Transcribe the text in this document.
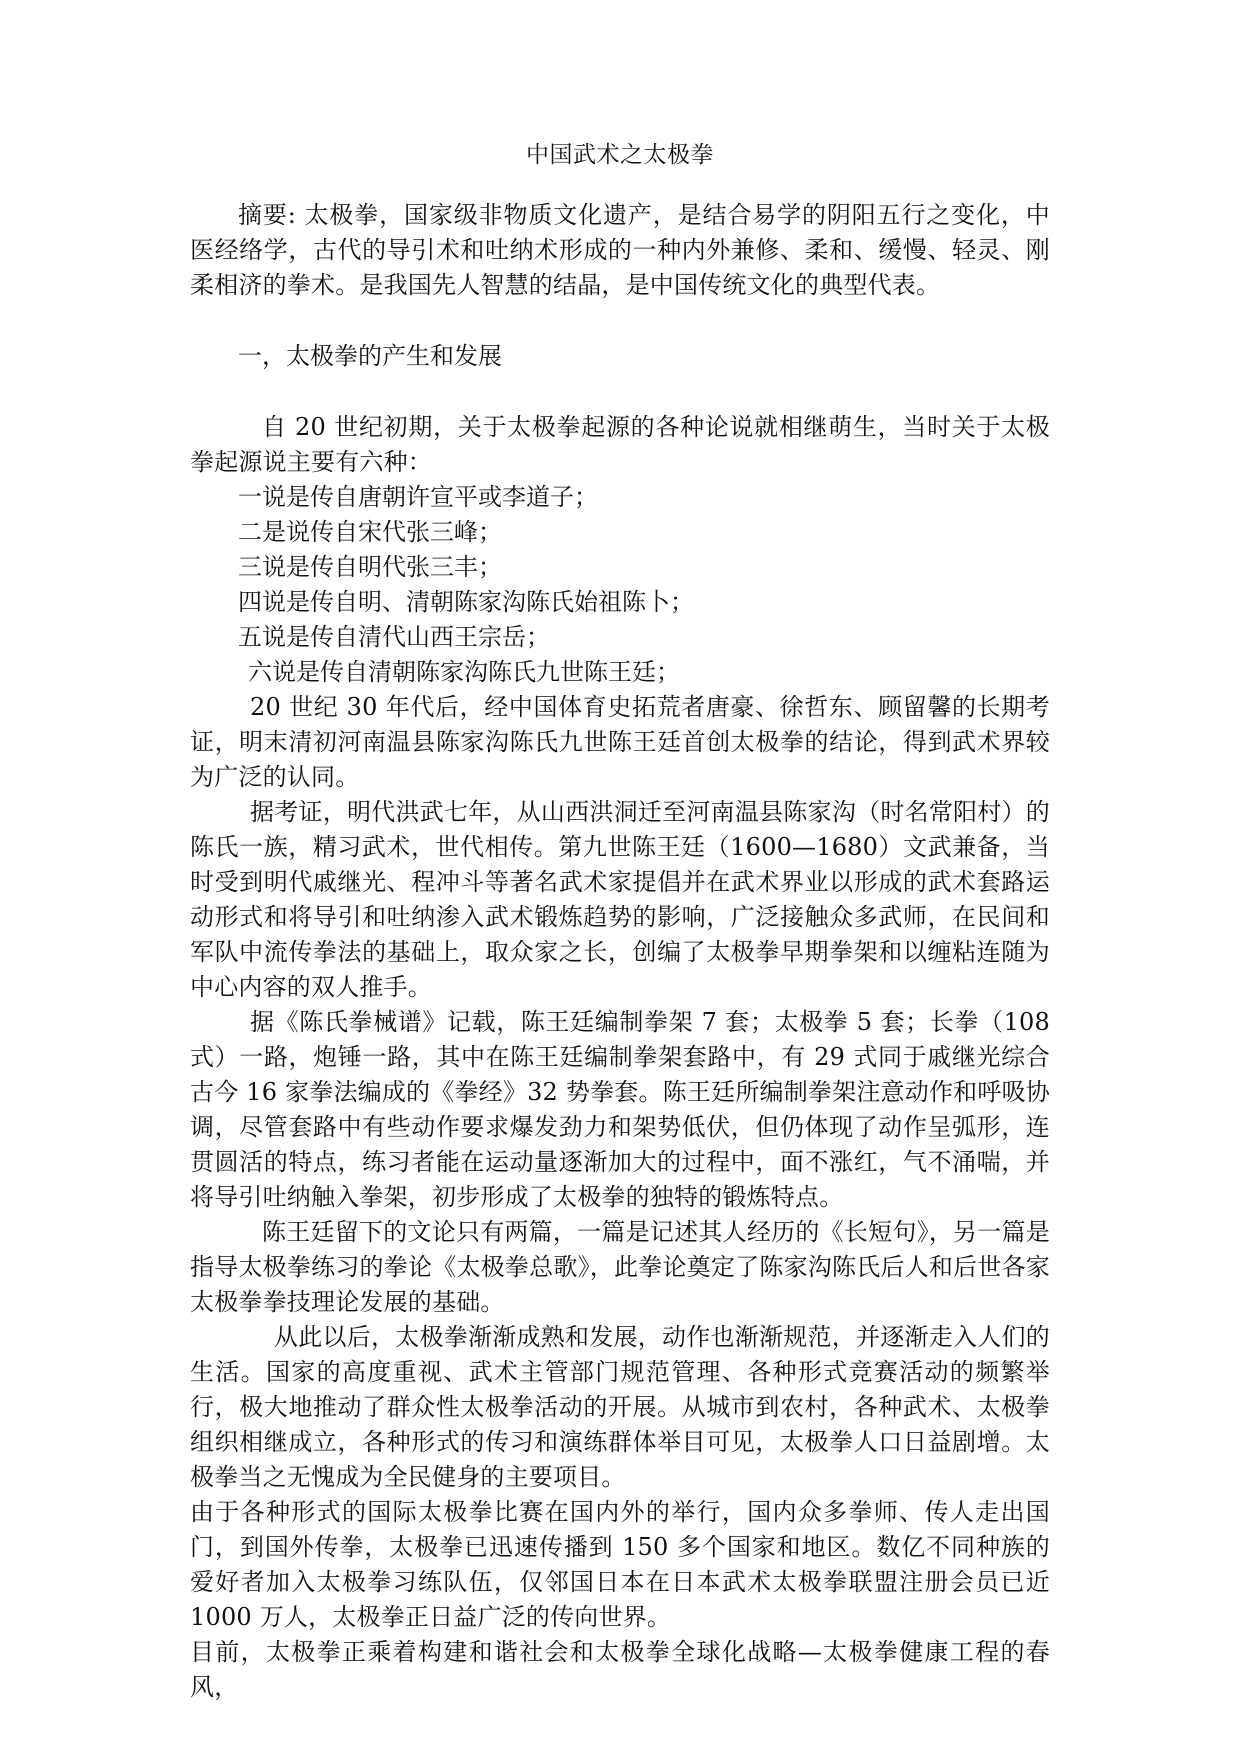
中国武术之太极拳

摘要: 太极拳，国家级非物质文化遗产，是结合易学的阴阳五行之变化，中医经络学，古代的导引术和吐纳术形成的一种内外兼修、柔和、缓慢、轻灵、刚柔相济的拳术。是我国先人智慧的结晶，是中国传统文化的典型代表。

一，太极拳的产生和发展

自 20 世纪初期，关于太极拳起源的各种论说就相继萌生，当时关于太极拳起源说主要有六种：

一说是传自唐朝许宣平或李道子；

二是说传自宋代张三峰；

三说是传自明代张三丰；

四说是传自明、清朝陈家沟陈氏始祖陈卜；

五说是传自清代山西王宗岳；

六说是传自清朝陈家沟陈氏九世陈王廷；

20 世纪 30 年代后，经中国体育史拓荒者唐豪、徐哲东、顾留馨的长期考证，明末清初河南温县陈家沟陈氏九世陈王廷首创太极拳的结论，得到武术界较为广泛的认同。

据考证，明代洪武七年，从山西洪洞迁至河南温县陈家沟（时名常阳村）的陈氏一族，精习武术，世代相传。第九世陈王廷（1600—1680）文武兼备，当时受到明代戚继光、程冲斗等著名武术家提倡并在武术界业以形成的武术套路运动形式和将导引和吐纳渗入武术锻炼趋势的影响，广泛接触众多武师，在民间和军队中流传拳法的基础上，取众家之长，创编了太极拳早期拳架和以缠粘连随为中心内容的双人推手。

据《陈氏拳械谱》记载，陈王廷编制拳架 7 套；太极拳 5 套；长拳（108 式）一路，炮锤一路，其中在陈王廷编制拳架套路中，有 29 式同于戚继光综合古今 16 家拳法编成的《拳经》32 势拳套。陈王廷所编制拳架注意动作和呼吸协调，尽管套路中有些动作要求爆发劲力和架势低伏，但仍体现了动作呈弧形，连贯圆活的特点，练习者能在运动量逐渐加大的过程中，面不涨红，气不涌喘，并将导引吐纳触入拳架，初步形成了太极拳的独特的锻炼特点。

陈王廷留下的文论只有两篇，一篇是记述其人经历的《长短句》，另一篇是指导太极拳练习的拳论《太极拳总歌》，此拳论奠定了陈家沟陈氏后人和后世各家太极拳拳技理论发展的基础。

从此以后，太极拳渐渐成熟和发展，动作也渐渐规范，并逐渐走入人们的生活。国家的高度重视、武术主管部门规范管理、各种形式竞赛活动的频繁举行，极大地推动了群众性太极拳活动的开展。从城市到农村，各种武术、太极拳组织相继成立，各种形式的传习和演练群体举目可见，太极拳人口日益剧增。太极拳当之无愧成为全民健身的主要项目。

由于各种形式的国际太极拳比赛在国内外的举行，国内众多拳师、传人走出国门，到国外传拳，太极拳已迅速传播到 150 多个国家和地区。数亿不同种族的爱好者加入太极拳习练队伍，仅邻国日本在日本武术太极拳联盟注册会员已近 1000 万人，太极拳正日益广泛的传向世界。

目前，太极拳正乘着构建和谐社会和太极拳全球化战略—太极拳健康工程的春风，
